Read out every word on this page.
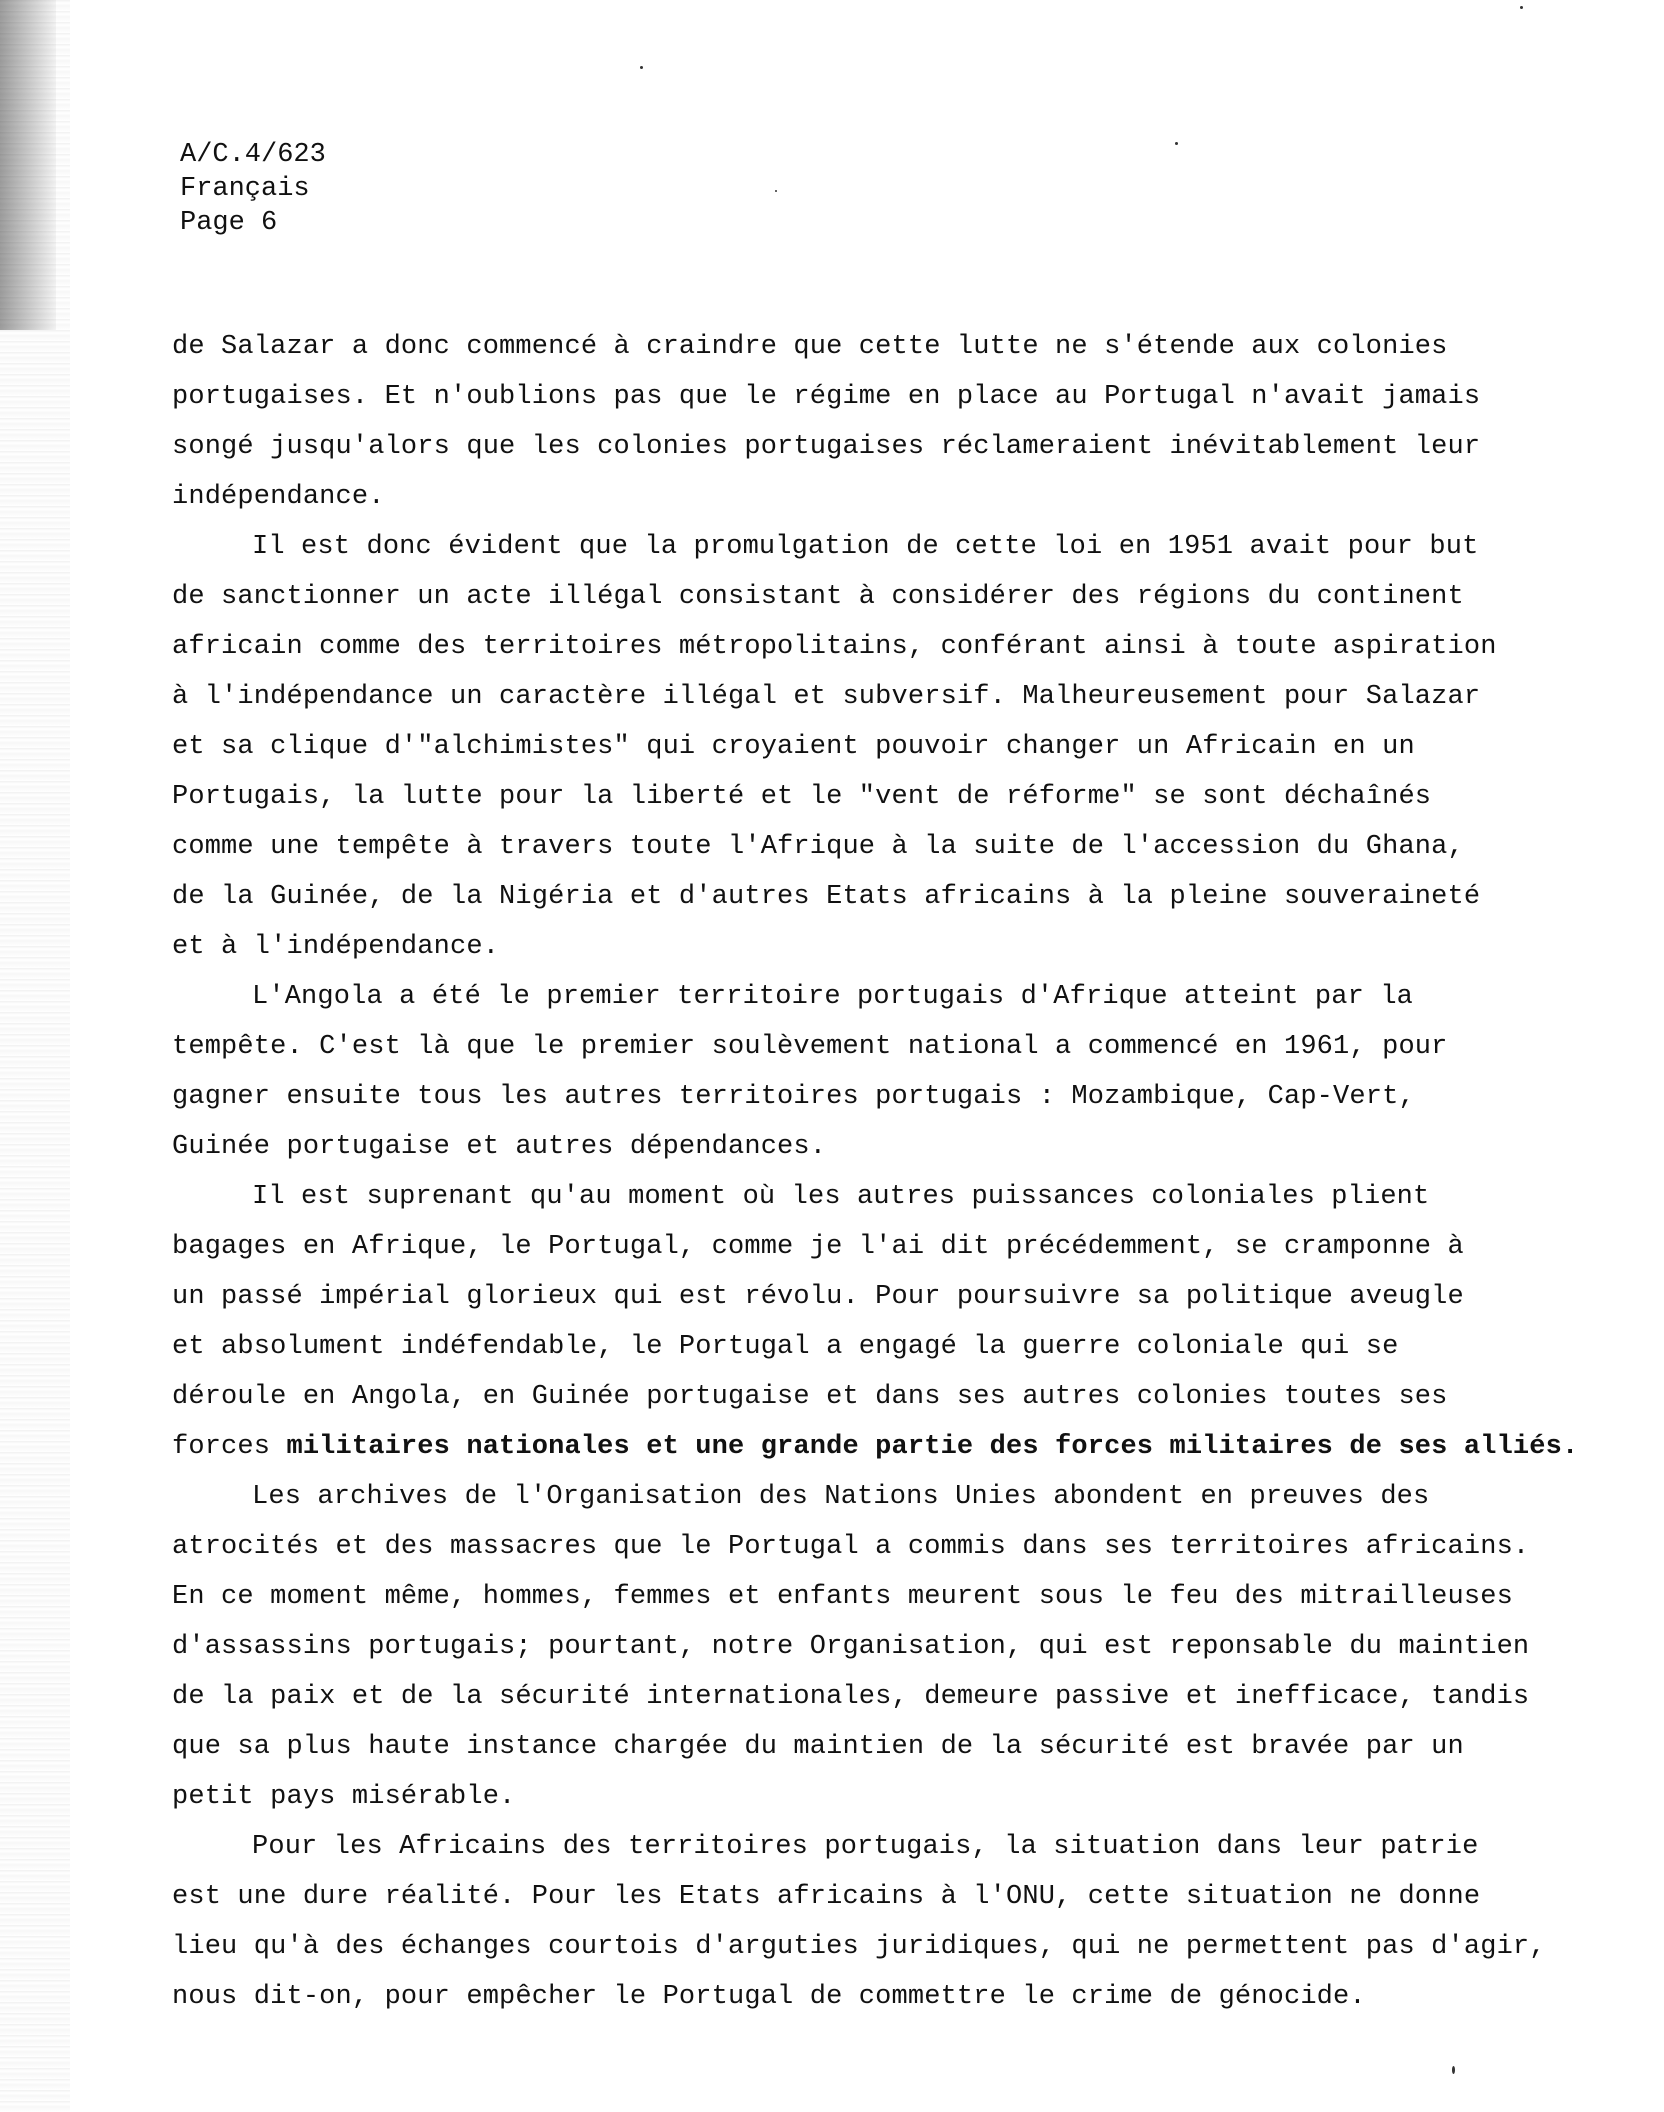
A/C.4/623
Français
Page 6
de Salazar a donc commencé à craindre que cette lutte ne s'étende aux colonies
portugaises. Et n'oublions pas que le régime en place au Portugal n'avait jamais
songé jusqu'alors que les colonies portugaises réclameraient inévitablement leur
indépendance.
Il est donc évident que la promulgation de cette loi en 1951 avait pour but
de sanctionner un acte illégal consistant à considérer des régions du continent
africain comme des territoires métropolitains, conférant ainsi à toute aspiration
à l'indépendance un caractère illégal et subversif. Malheureusement pour Salazar
et sa clique d'"alchimistes" qui croyaient pouvoir changer un Africain en un
Portugais, la lutte pour la liberté et le "vent de réforme" se sont déchaînés
comme une tempête à travers toute l'Afrique à la suite de l'accession du Ghana,
de la Guinée, de la Nigéria et d'autres Etats africains à la pleine souveraineté
et à l'indépendance.
L'Angola a été le premier territoire portugais d'Afrique atteint par la
tempête. C'est là que le premier soulèvement national a commencé en 1961, pour
gagner ensuite tous les autres territoires portugais : Mozambique, Cap-Vert,
Guinée portugaise et autres dépendances.
Il est suprenant qu'au moment où les autres puissances coloniales plient
bagages en Afrique, le Portugal, comme je l'ai dit précédemment, se cramponne à
un passé impérial glorieux qui est révolu. Pour poursuivre sa politique aveugle
et absolument indéfendable, le Portugal a engagé la guerre coloniale qui se
déroule en Angola, en Guinée portugaise et dans ses autres colonies toutes ses
forces militaires nationales et une grande partie des forces militaires de ses alliés.
Les archives de l'Organisation des Nations Unies abondent en preuves des
atrocités et des massacres que le Portugal a commis dans ses territoires africains.
En ce moment même, hommes, femmes et enfants meurent sous le feu des mitrailleuses
d'assassins portugais; pourtant, notre Organisation, qui est reponsable du maintien
de la paix et de la sécurité internationales, demeure passive et inefficace, tandis
que sa plus haute instance chargée du maintien de la sécurité est bravée par un
petit pays misérable.
Pour les Africains des territoires portugais, la situation dans leur patrie
est une dure réalité. Pour les Etats africains à l'ONU, cette situation ne donne
lieu qu'à des échanges courtois d'arguties juridiques, qui ne permettent pas d'agir,
nous dit-on, pour empêcher le Portugal de commettre le crime de génocide.
